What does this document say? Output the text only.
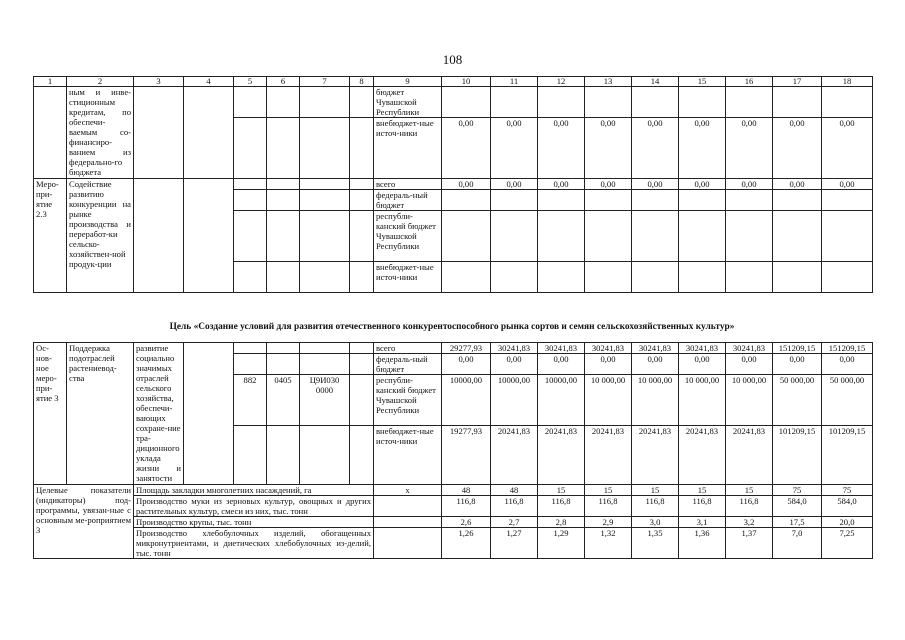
108
1	2	3	4	5	6	7	8	9	10	11	12	13	14	15	16	17	18
	ным и инве-стиционным кредитам, по обеспечи-ваемым со-финансиро-ванием из федерально-го бюджета							бюджет Чувашской Республики									
								внебюджет-ные источ-ники	0,00	0,00	0,00	0,00	0,00	0,00	0,00	0,00	0,00
Меро-при-ятие 2.3	Содействие развитию конкуренции на рынке производства и переработ-ки сельско-хозяйствен-ной продук-ции							всего	0,00	0,00	0,00	0,00	0,00	0,00	0,00	0,00	0,00
								федераль-ный бюджет									
								республи-канский бюджет Чувашской Республики									
								внебюджет-ные источ-ники									
Цель «Создание условий для развития отечественного конкурентоспособного рынка сортов и семян сельскохозяйственных культур»
Ос-нов-ное меро-при-ятие 3	Поддержка подотраслей растениевод-ства	развитие социально значимых отраслей сельского хозяйства, обеспечи-вающих сохране-ние тра-диционного уклада жизни и занятости						всего	29277,93	30241,83	30241,83	30241,83	30241,83	30241,83	30241,83	151209,15	151209,15
								федераль-ный бюджет	0,00	0,00	0,00	0,00	0,00	0,00	0,00	0,00	0,00
				882	0405	Ц9И030 0000		республи-канский бюджет Чувашской Республики	10000,00	10000,00	10000,00	10 000,00	10 000,00	10 000,00	10 000,00	50 000,00	50 000,00
								внебюджет-ные источ-ники	19277,93	20241,83	20241,83	20241,83	20241,83	20241,83	20241,83	101209,15	101209,15
Целевые показатели (индикаторы) под-программы, увязан-ные с основным ме-роприятием 3		Площадь закладки многолетних насаждений, га						х	48	48	15	15	15	15	15	75	75
		Производство муки из зерновых культур, овощных и других растительных культур, смеси из них, тыс. тонн							116,8	116,8	116,8	116,8	116,8	116,8	116,8	584,0	584,0
		Производство крупы, тыс. тонн							2,6	2,7	2,8	2,9	3,0	3,1	3,2	17,5	20,0
		Производство хлебобулочных изделий, обогащенных микронутриентами, и диетических хлебобулочных из-делий, тыс. тонн							1,26	1,27	1,29	1,32	1,35	1,36	1,37	7,0	7,25
